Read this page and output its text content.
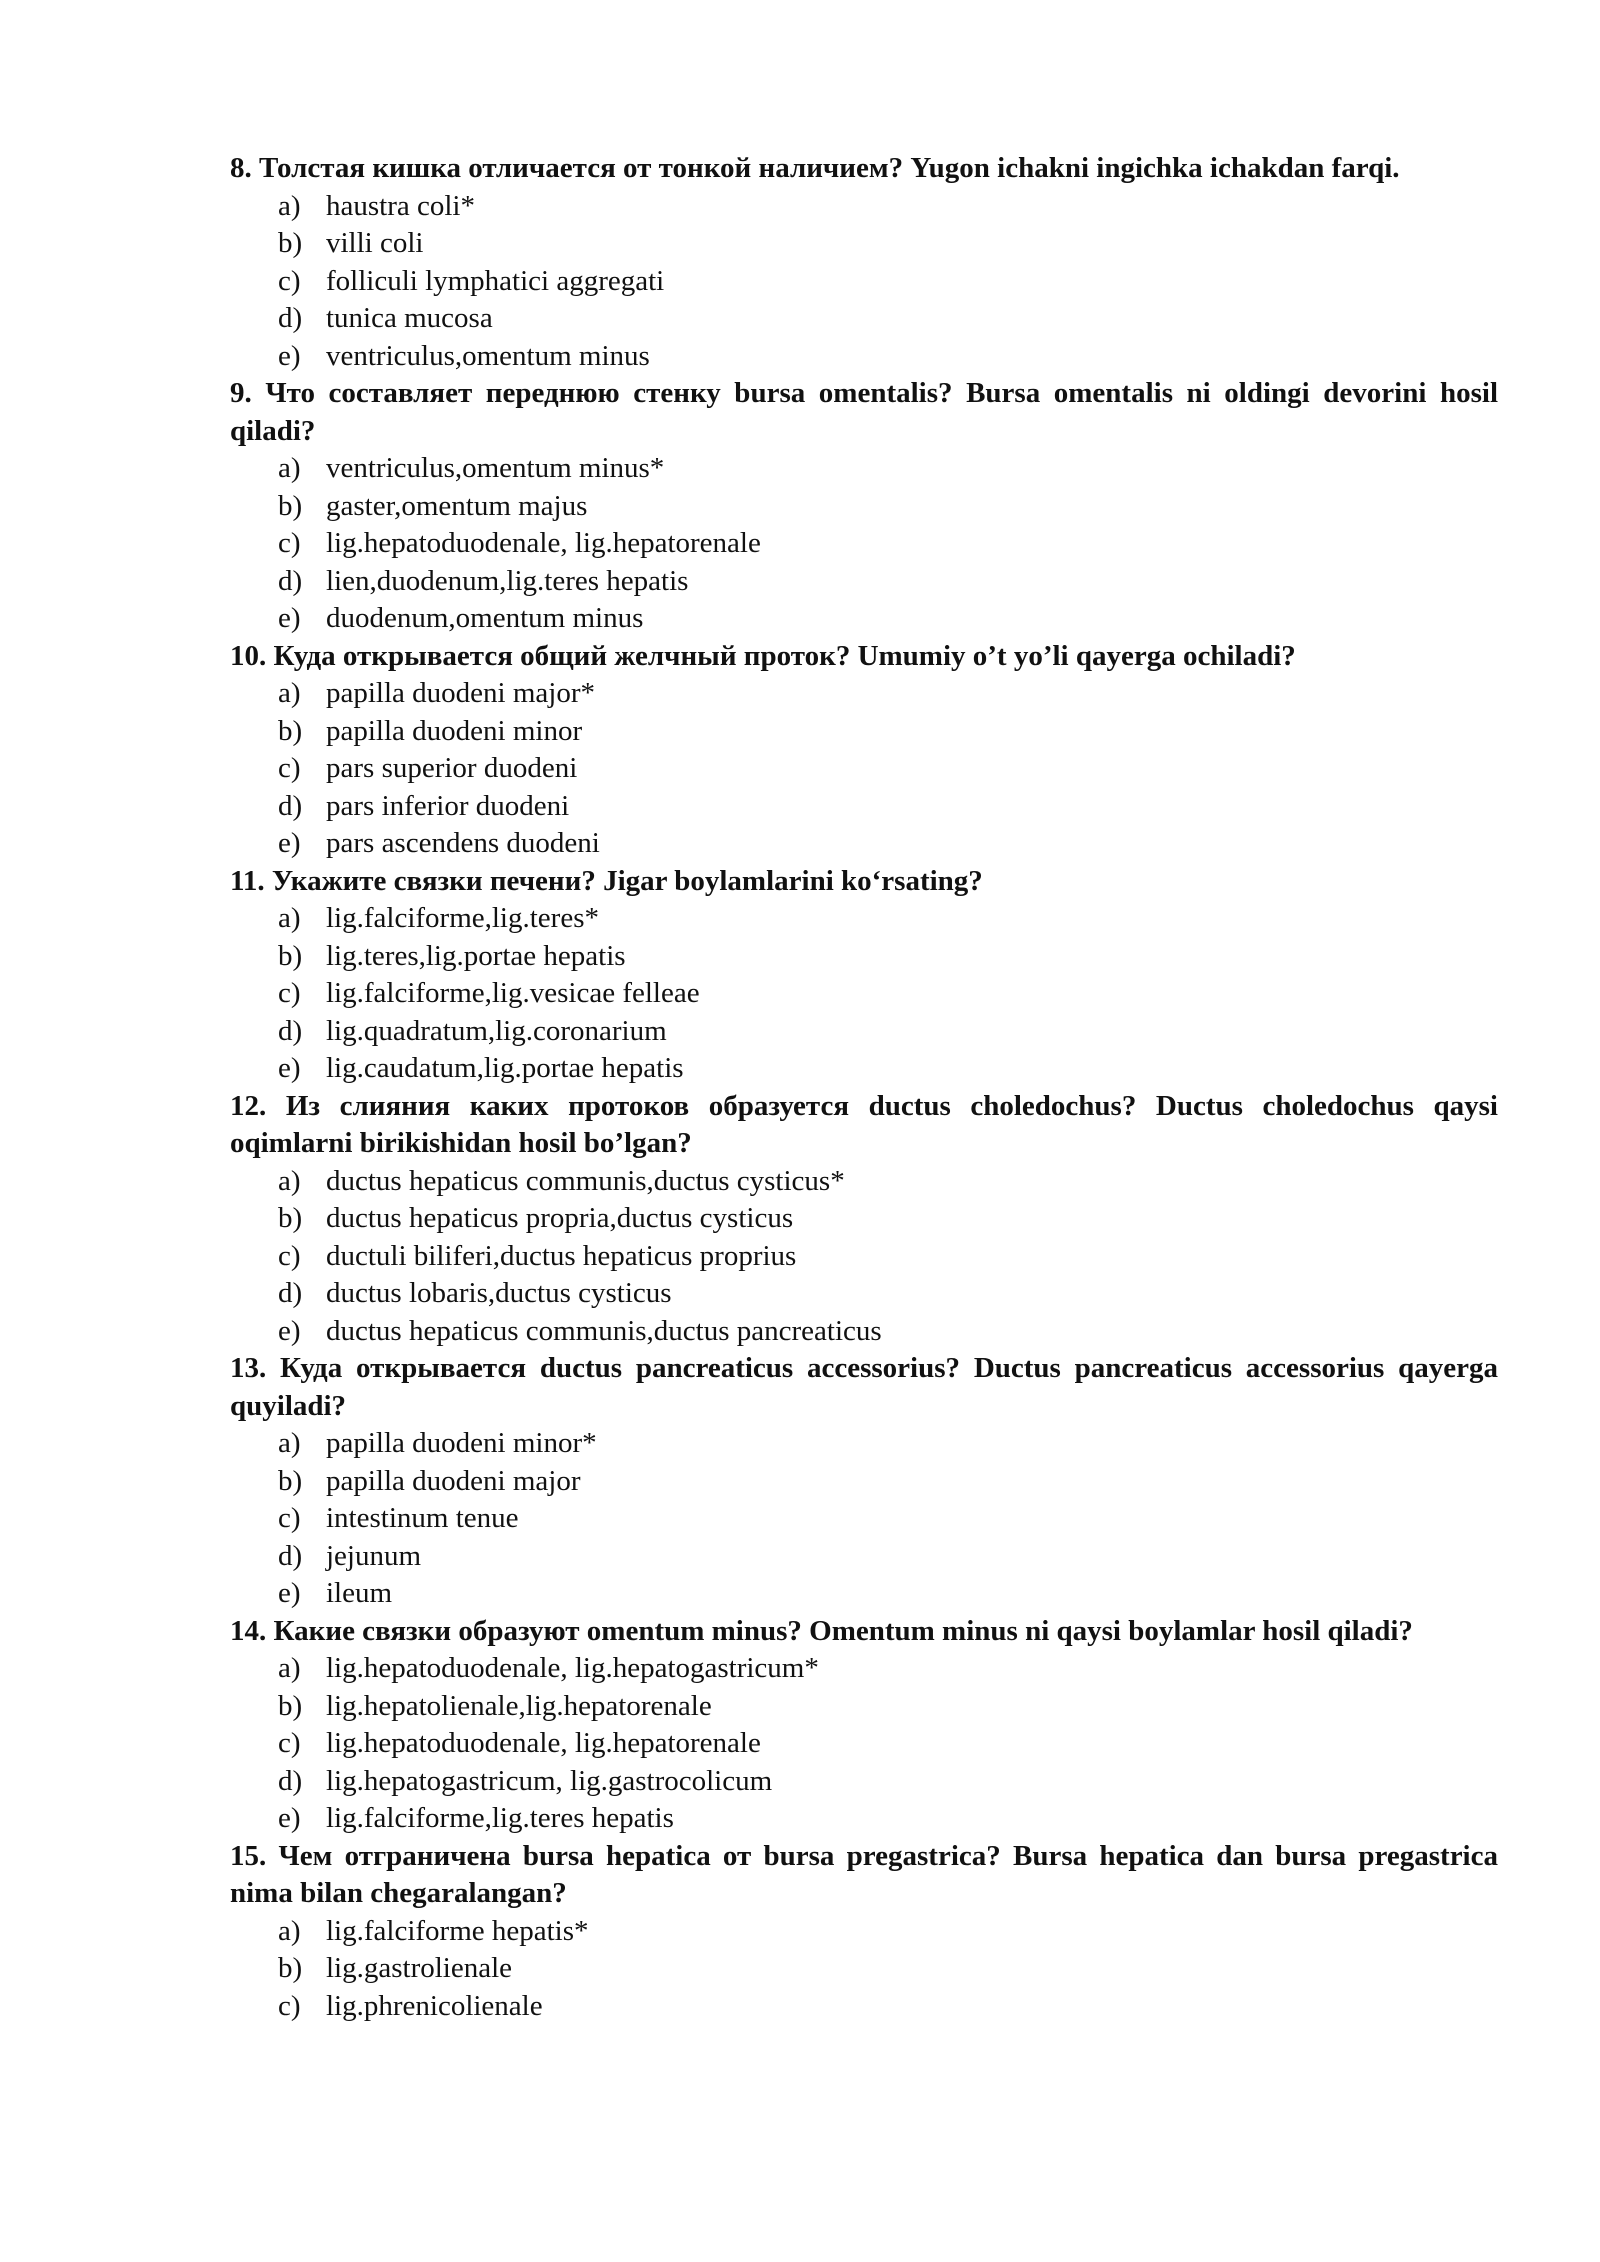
8. Толстая кишка отличается от тонкой наличием? Yugon ichakni ingichka ichakdan farqi.

a) haustra coli*
b) villi coli
c) folliculi lymphatici aggregati
d) tunica mucosa
e) ventriculus,omentum minus

9. Что составляет переднюю стенку bursa omentalis? Bursa omentalis ni oldingi devorini hosil qiladi?

a) ventriculus,omentum minus*
b) gaster,omentum majus
c) lig.hepatoduodenale, lig.hepatorenale
d) lien,duodenum,lig.teres hepatis
e) duodenum,omentum minus

10. Куда открывается общий желчный проток? Umumiy o’t yo’li qayerga ochiladi?

a) papilla duodeni major*
b) papilla duodeni minor
c) pars superior duodeni
d) pars inferior duodeni
e) pars ascendens duodeni

11. Укажите связки печени? Jigar boylamlarini ko‘rsating?

a) lig.falciforme,lig.teres*
b) lig.teres,lig.portae hepatis
c) lig.falciforme,lig.vesicae felleae
d) lig.quadratum,lig.coronarium
e) lig.caudatum,lig.portae hepatis

12. Из слияния каких протоков образуется ductus choledochus? Ductus choledochus qaysi oqimlarni birikishidan hosil bo’lgan?

a) ductus hepaticus communis,ductus cysticus*
b) ductus hepaticus propria,ductus cysticus
c) ductuli biliferi,ductus hepaticus proprius
d) ductus lobaris,ductus cysticus
e) ductus hepaticus communis,ductus pancreaticus

13. Куда открывается ductus pancreaticus accessorius? Ductus pancreaticus accessorius qayerga quyiladi?

a) papilla duodeni minor*
b) papilla duodeni major
c) intestinum tenue
d) jejunum
e) ileum

14. Какие связки образуют omentum minus? Omentum minus ni qaysi boylamlar hosil qiladi?

a) lig.hepatoduodenale, lig.hepatogastricum*
b) lig.hepatolienale,lig.hepatorenale
c) lig.hepatoduodenale, lig.hepatorenale
d) lig.hepatogastricum, lig.gastrocolicum
e) lig.falciforme,lig.teres hepatis

15. Чем отграничена bursa hepatica от bursa pregastrica? Bursa hepatica dan bursa pregastrica nima bilan chegaralangan?

a) lig.falciforme hepatis*
b) lig.gastrolienale
c) lig.phrenicolienale
